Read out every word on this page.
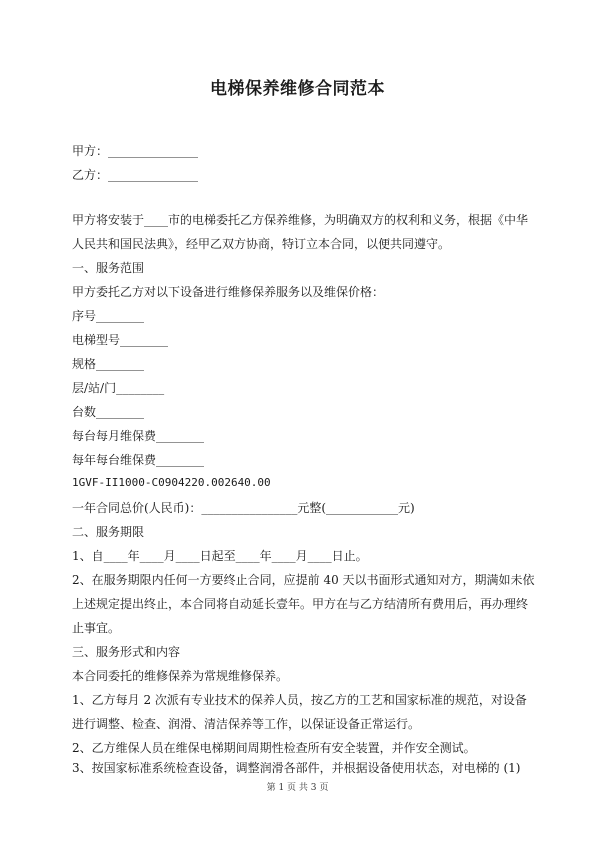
电梯保养维修合同范本
甲方：_______________
乙方：_______________
甲方将安装于____市的电梯委托乙方保养维修，为明确双方的权利和义务，根据《中华
人民共和国民法典》，经甲乙双方协商，特订立本合同，以便共同遵守。
一、服务范围
甲方委托乙方对以下设备进行维修保养服务以及维保价格：
序号________
电梯型号________
规格________
层/站/门________
台数________
每台每月维保费________
每年每台维保费________
1GVF-II1000-C0904220.002640.00
一年合同总价(人民币)：________________元整(____________元)
二、服务期限
1、自____年____月____日起至____年____月____日止。
2、在服务期限内任何一方要终止合同，应提前 40 天以书面形式通知对方，期满如未依
上述规定提出终止，本合同将自动延长壹年。甲方在与乙方结清所有费用后，再办理终
止事宜。
三、服务形式和内容
本合同委托的维修保养为常规维修保养。
1、乙方每月 2 次派有专业技术的保养人员，按乙方的工艺和国家标准的规范，对设备
进行调整、检查、润滑、清洁保养等工作，以保证设备正常运行。
2、乙方维保人员在维保电梯期间周期性检查所有安全装置，并作安全测试。
3、按国家标准系统检查设备，调整润滑各部件，并根据设备使用状态，对电梯的 (1)
第 1 页 共 3 页
